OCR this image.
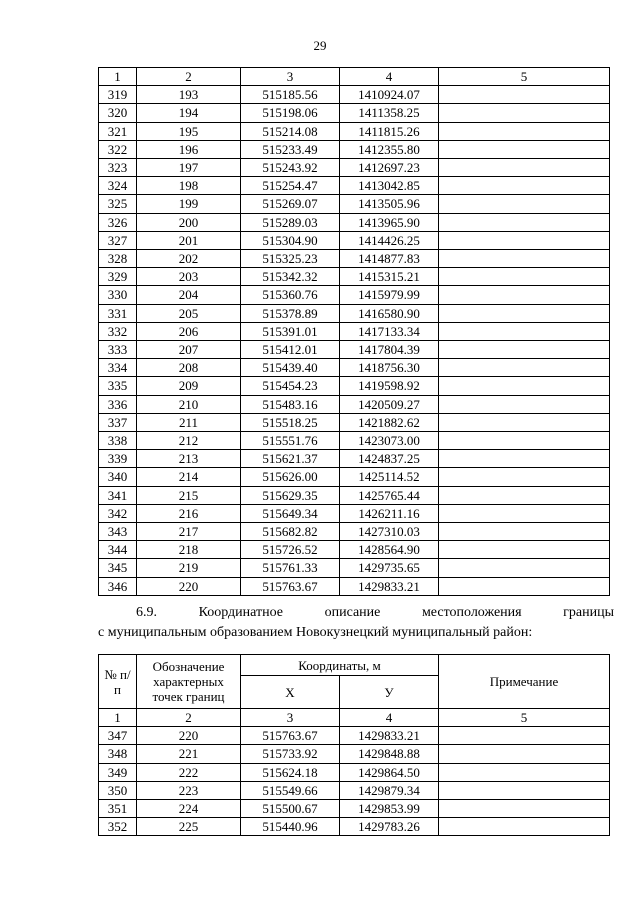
29
1	2	3	4	5
319	193	515185.56	1410924.07	
320	194	515198.06	1411358.25	
321	195	515214.08	1411815.26	
322	196	515233.49	1412355.80	
323	197	515243.92	1412697.23	
324	198	515254.47	1413042.85	
325	199	515269.07	1413505.96	
326	200	515289.03	1413965.90	
327	201	515304.90	1414426.25	
328	202	515325.23	1414877.83	
329	203	515342.32	1415315.21	
330	204	515360.76	1415979.99	
331	205	515378.89	1416580.90	
332	206	515391.01	1417133.34	
333	207	515412.01	1417804.39	
334	208	515439.40	1418756.30	
335	209	515454.23	1419598.92	
336	210	515483.16	1420509.27	
337	211	515518.25	1421882.62	
338	212	515551.76	1423073.00	
339	213	515621.37	1424837.25	
340	214	515626.00	1425114.52	
341	215	515629.35	1425765.44	
342	216	515649.34	1426211.16	
343	217	515682.82	1427310.03	
344	218	515726.52	1428564.90	
345	219	515761.33	1429735.65	
346	220	515763.67	1429833.21	
6.9.	Координатное	описание	местоположения	границы
с муниципальным образованием Новокузнецкий муниципальный район:
№ п/п	Обозначение характерных точек границ	Координаты, м		Примечание
		Х	У	
1	2	3	4	5
347	220	515763.67	1429833.21	
348	221	515733.92	1429848.88	
349	222	515624.18	1429864.50	
350	223	515549.66	1429879.34	
351	224	515500.67	1429853.99	
352	225	515440.96	1429783.26	
